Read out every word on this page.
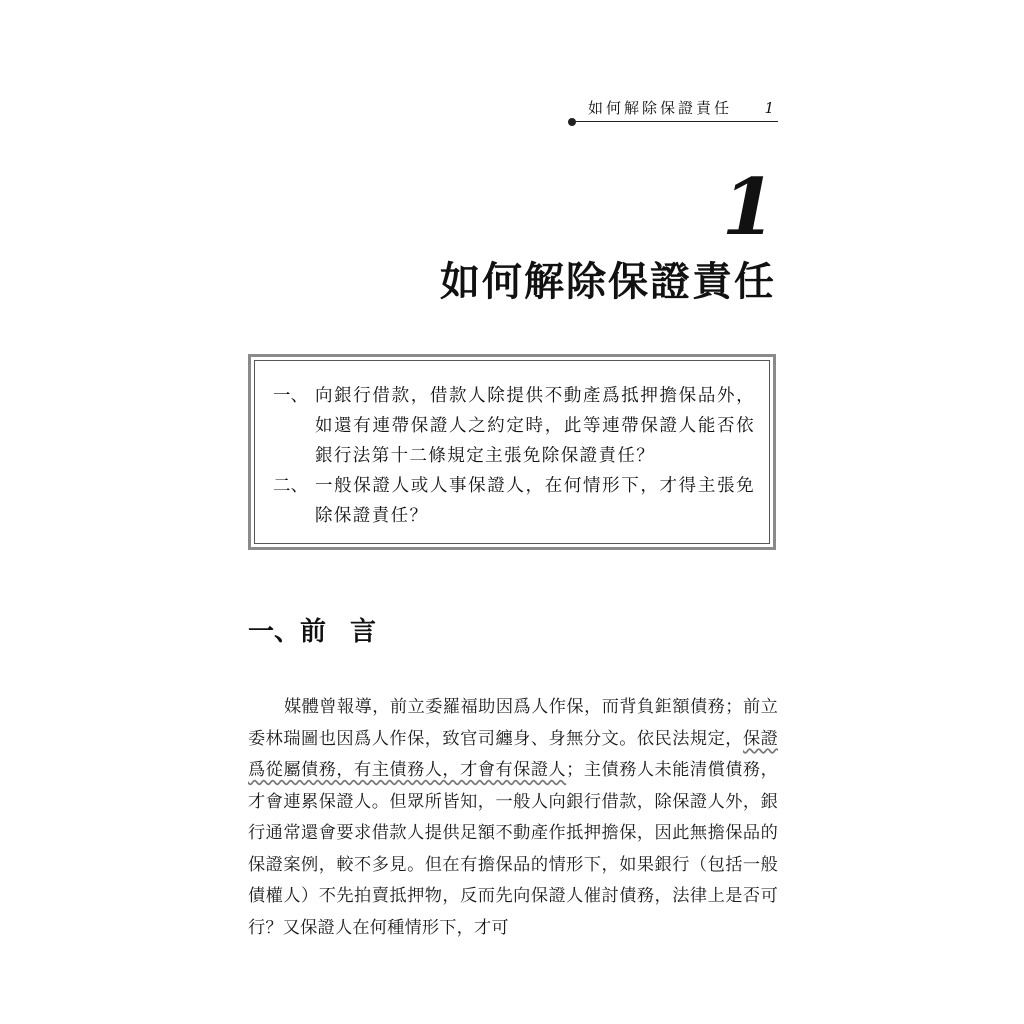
如何解除保證責任 1
1
如何解除保證責任
一、 向銀行借款，借款人除提供不動產爲抵押擔保品外，如還有連帶保證人之約定時，此等連帶保證人能否依銀行法第十二條規定主張免除保證責任？
二、 一般保證人或人事保證人，在何情形下，才得主張免除保證責任？
一、前言

媒體曾報導，前立委羅福助因爲人作保，而背負鉅額債務；前立委林瑞圖也因爲人作保，致官司纏身、身無分文。依民法規定，保證爲從屬債務，有主債務人，才會有保證人；主債務人未能清償債務，才會連累保證人。但眾所皆知，一般人向銀行借款，除保證人外，銀行通常還會要求借款人提供足額不動產作抵押擔保，因此無擔保品的保證案例，較不多見。但在有擔保品的情形下，如果銀行（包括一般債權人）不先拍賣抵押物，反而先向保證人催討債務，法律上是否可行？又保證人在何種情形下，才可
